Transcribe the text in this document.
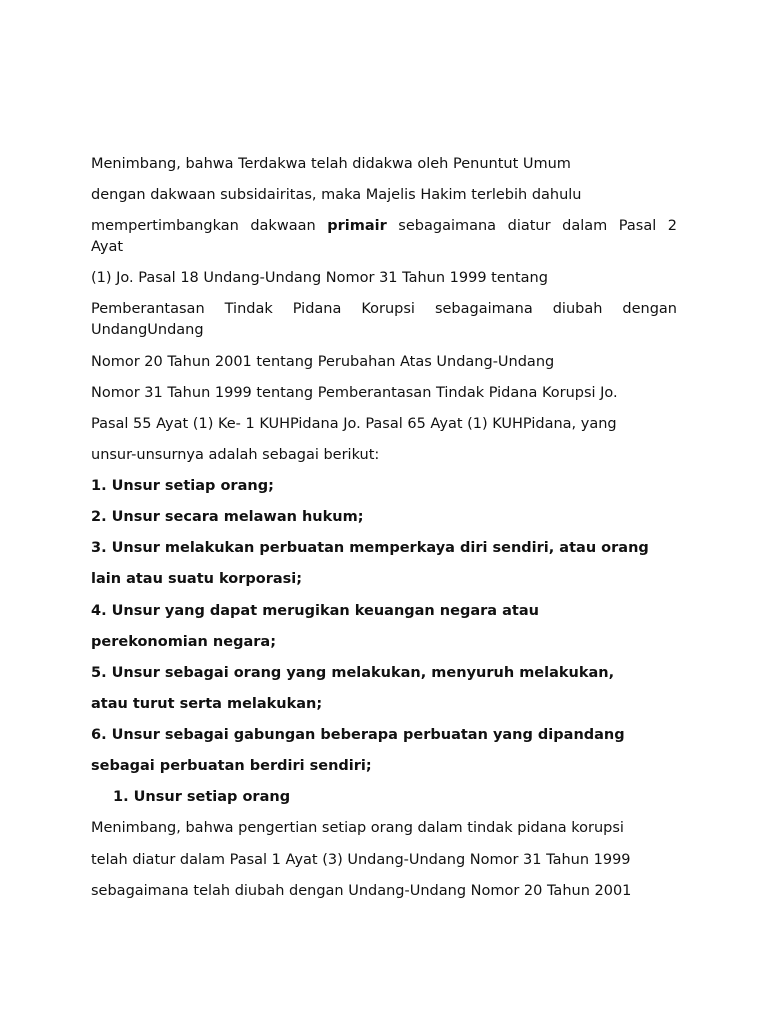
Menimbang, bahwa Terdakwa telah didakwa oleh Penuntut Umum

dengan dakwaan subsidairitas, maka Majelis Hakim terlebih dahulu

mempertimbangkan dakwaan primair sebagaimana diatur dalam Pasal 2

Ayat

(1) Jo. Pasal 18 Undang-Undang Nomor 31 Tahun 1999 tentang

Pemberantasan Tindak Pidana Korupsi sebagaimana diubah dengan

UndangUndang

Nomor 20 Tahun 2001 tentang Perubahan Atas Undang-Undang

Nomor 31 Tahun 1999 tentang Pemberantasan Tindak Pidana Korupsi Jo.

Pasal 55 Ayat (1) Ke- 1 KUHPidana Jo. Pasal 65 Ayat (1) KUHPidana, yang

unsur-unsurnya adalah sebagai berikut:

1. Unsur setiap orang;

2. Unsur secara melawan hukum;

3. Unsur melakukan perbuatan memperkaya diri sendiri, atau orang

lain atau suatu korporasi;

4. Unsur yang dapat merugikan keuangan negara atau

perekonomian negara;

5. Unsur sebagai orang yang melakukan, menyuruh melakukan,

atau turut serta melakukan;

6. Unsur sebagai gabungan beberapa perbuatan yang dipandang

sebagai perbuatan berdiri sendiri;

1. Unsur setiap orang

Menimbang, bahwa pengertian setiap orang dalam tindak pidana korupsi

telah diatur dalam Pasal 1 Ayat (3) Undang-Undang Nomor 31 Tahun 1999

sebagaimana telah diubah dengan Undang-Undang Nomor 20 Tahun 2001
